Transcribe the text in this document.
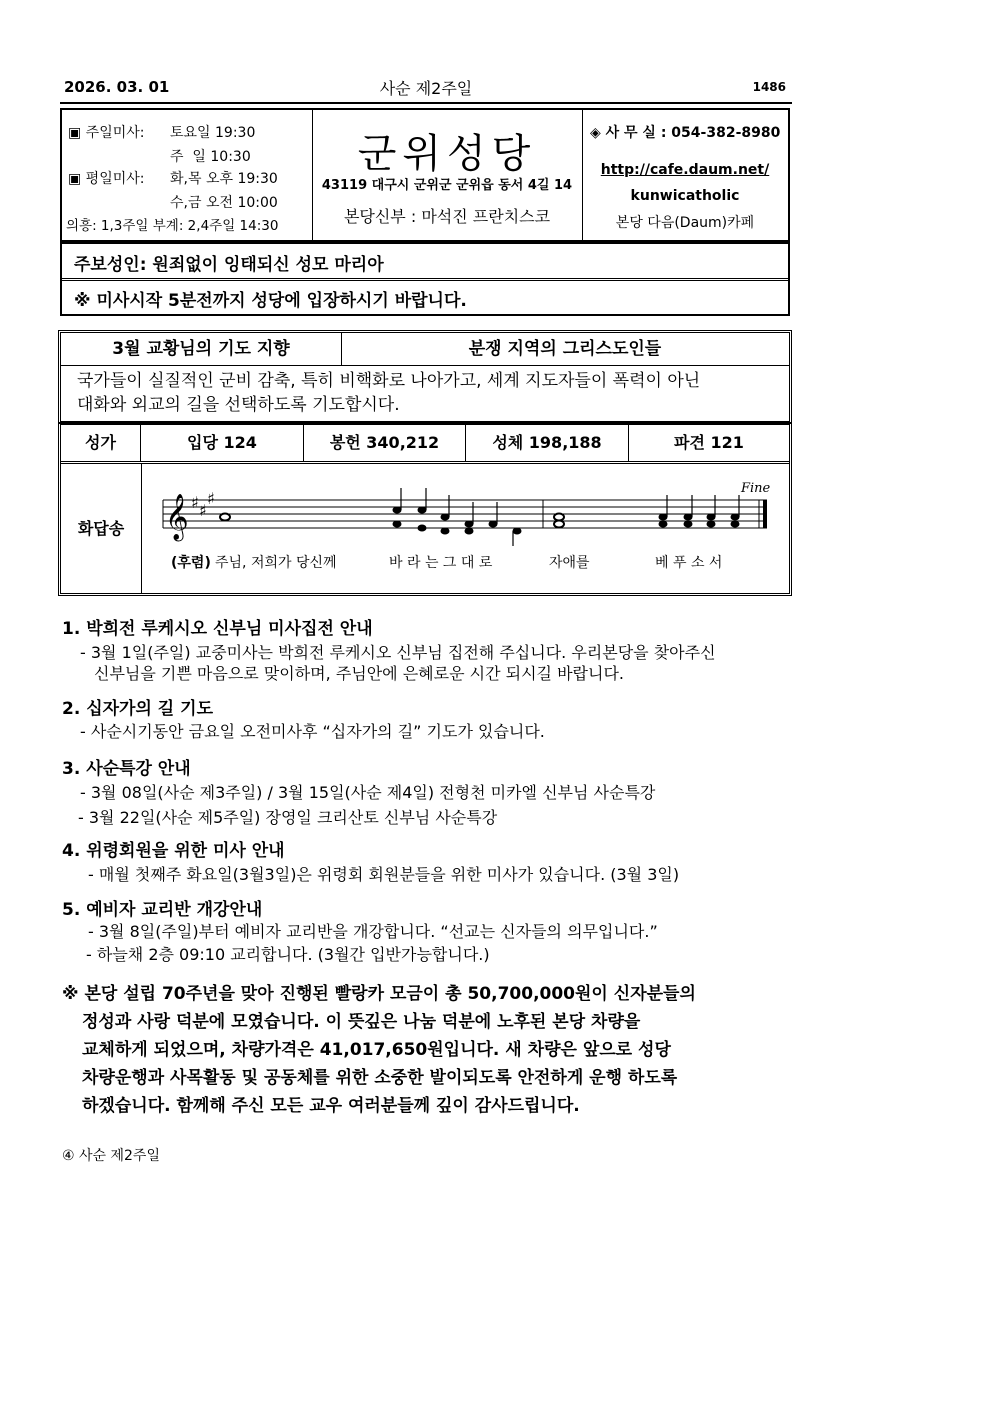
2026. 03. 01	사순 제2주일	1486
▣ 주일미사: 토요일 19:30
주  일 10:30
▣ 평일미사: 화,목 오후 19:30
수,금 오전 10:00
의흥: 1,3주일 부계: 2,4주일 14:30
군위성당
43119 대구시 군위군 군위읍 동서 4길 14
본당신부 : 마석진 프란치스코
◈ 사 무 실 : 054-382-8980
http://cafe.daum.net/
kunwicatholic
본당 다음(Daum)카페
주보성인: 원죄없이 잉태되신 성모 마리아
※ 미사시작 5분전까지 성당에 입장하시기 바랍니다.
3월 교황님의 기도 지향	분쟁 지역의 그리스도인들
국가들이 실질적인 군비 감축, 특히 비핵화로 나아가고, 세계 지도자들이 폭력이 아닌
대화와 외교의 길을 선택하도록 기도합시다.
성가	입당 124	봉헌 340,212	성체 198,188	파견 121
화답송	𝄞 ♯ ♯
♯
Fine
(후렴) 주님, 저희가 당신께	바 라 는 그 대 로	자애를	베 푸 소 서
1. 박희전 루케시오 신부님 미사집전 안내
- 3월 1일(주일) 교중미사는 박희전 루케시오 신부님 집전해 주십니다. 우리본당을 찾아주신
신부님을 기쁜 마음으로 맞이하며, 주님안에 은혜로운 시간 되시길 바랍니다.
2. 십자가의 길 기도
- 사순시기동안 금요일 오전미사후 “십자가의 길” 기도가 있습니다.
3. 사순특강 안내
- 3월 08일(사순 제3주일) / 3월 15일(사순 제4일) 전형천 미카엘 신부님 사순특강
- 3월 22일(사순 제5주일) 장영일 크리산토 신부님 사순특강
4. 위령회원을 위한 미사 안내
- 매월 첫째주 화요일(3월3일)은 위령회 회원분들을 위한 미사가 있습니다. (3월 3일)
5. 예비자 교리반 개강안내
- 3월 8일(주일)부터 예비자 교리반을 개강합니다. “선교는 신자들의 의무입니다.”
- 하늘채 2층 09:10 교리합니다. (3월간 입반가능합니다.)

※ 본당 설립 70주년을 맞아 진행된 빨랑카 모금이 총 50,700,000원이 신자분들의

정성과 사랑 덕분에 모였습니다. 이 뜻깊은 나눔 덕분에 노후된 본당 차량을

교체하게 되었으며, 차량가격은 41,017,650원입니다. 새 차량은 앞으로 성당

차량운행과 사목활동 및 공동체를 위한 소중한 발이되도록 안전하게 운행 하도록

하겠습니다. 함께해 주신 모든 교우 여러분들께 깊이 감사드립니다.

④ 사순 제2주일
